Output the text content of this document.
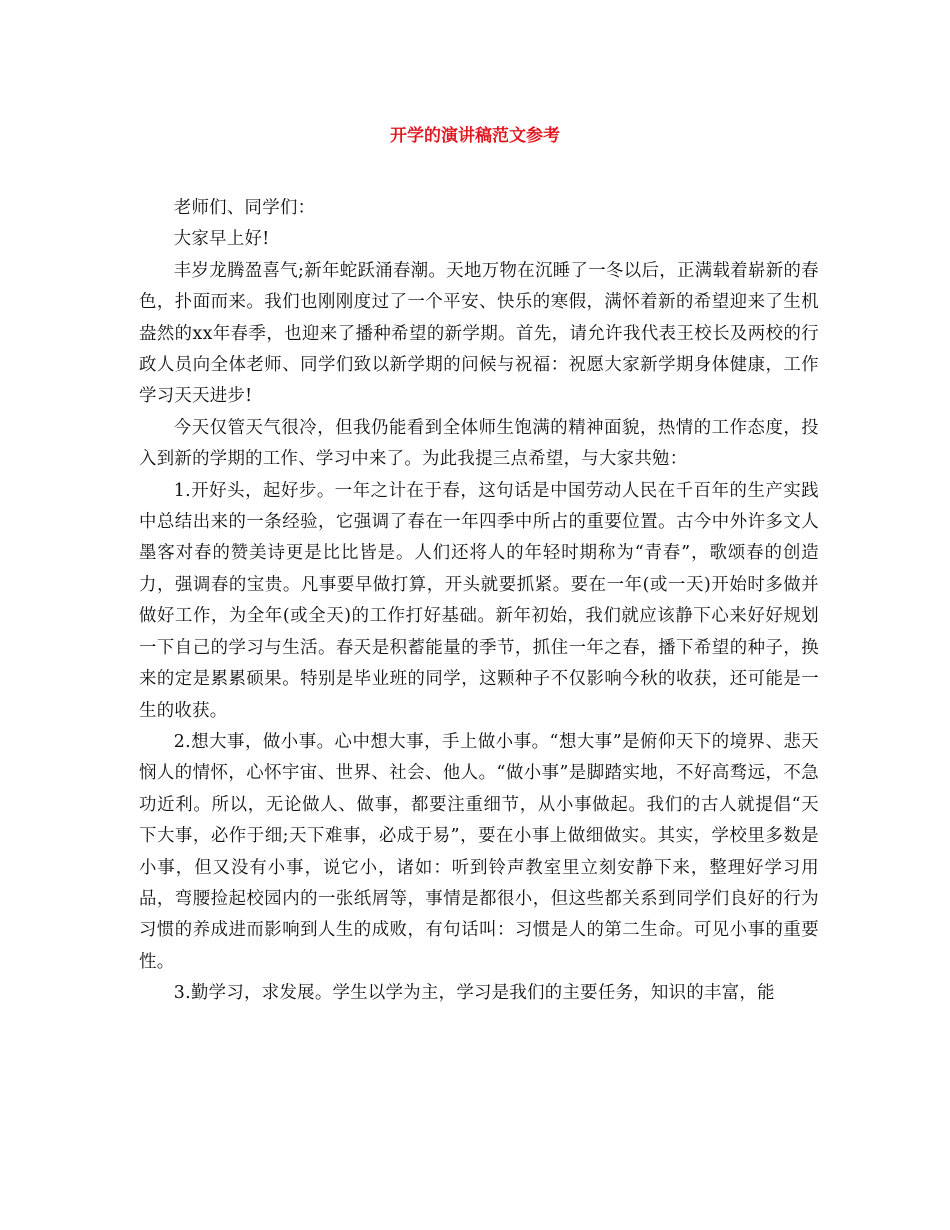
开学的演讲稿范文参考

老师们、同学们：

大家早上好!

丰岁龙腾盈喜气;新年蛇跃涌春潮。天地万物在沉睡了一冬以后，正满载着崭新的春色，扑面而来。我们也刚刚度过了一个平安、快乐的寒假，满怀着新的希望迎来了生机盎然的xx年春季，也迎来了播种希望的新学期。首先，请允许我代表王校长及两校的行政人员向全体老师、同学们致以新学期的问候与祝福：祝愿大家新学期身体健康，工作学习天天进步!

今天仅管天气很冷，但我仍能看到全体师生饱满的精神面貌，热情的工作态度，投入到新的学期的工作、学习中来了。为此我提三点希望，与大家共勉：

1.开好头，起好步。一年之计在于春，这句话是中国劳动人民在千百年的生产实践中总结出来的一条经验，它强调了春在一年四季中所占的重要位置。古今中外许多文人墨客对春的赞美诗更是比比皆是。人们还将人的年轻时期称为“青春”，歌颂春的创造力，强调春的宝贵。凡事要早做打算，开头就要抓紧。要在一年(或一天)开始时多做并做好工作，为全年(或全天)的工作打好基础。新年初始，我们就应该静下心来好好规划一下自己的学习与生活。春天是积蓄能量的季节，抓住一年之春，播下希望的种子，换来的定是累累硕果。特别是毕业班的同学，这颗种子不仅影响今秋的收获，还可能是一生的收获。

2.想大事，做小事。心中想大事，手上做小事。“想大事”是俯仰天下的境界、悲天悯人的情怀，心怀宇宙、世界、社会、他人。“做小事”是脚踏实地，不好高骛远，不急功近利。所以，无论做人、做事，都要注重细节，从小事做起。我们的古人就提倡“天下大事，必作于细;天下难事，必成于易”，要在小事上做细做实。其实，学校里多数是小事，但又没有小事，说它小，诸如：听到铃声教室里立刻安静下来，整理好学习用品，弯腰捡起校园内的一张纸屑等，事情是都很小，但这些都关系到同学们良好的行为习惯的养成进而影响到人生的成败，有句话叫：习惯是人的第二生命。可见小事的重要性。

3.勤学习，求发展。学生以学为主，学习是我们的主要任务，知识的丰富，能
